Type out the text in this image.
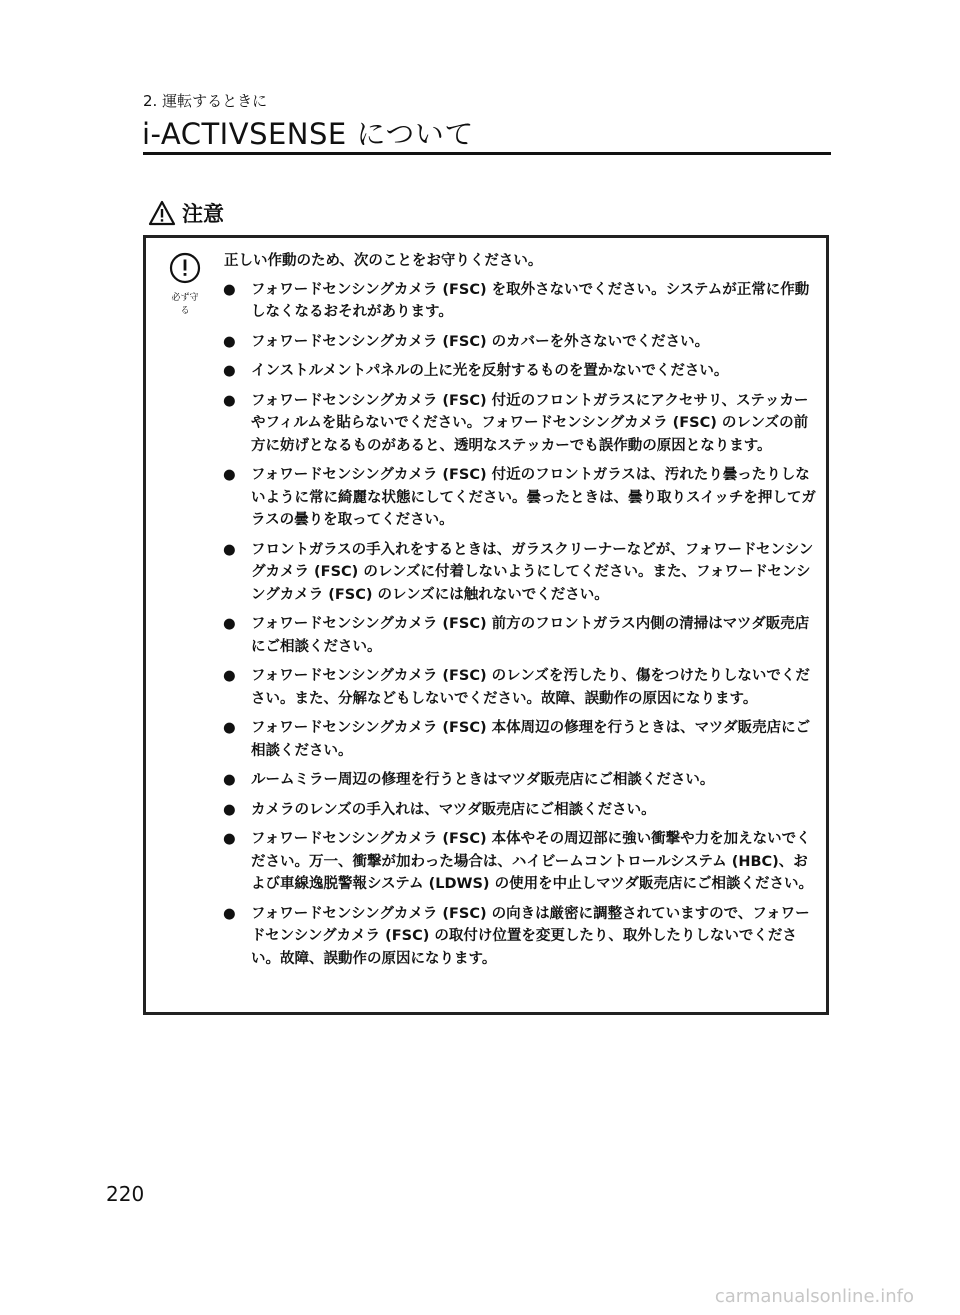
2. 運転するときに
i-ACTIVSENSE について
注意
必ず守る
正しい作動のため、次のことをお守りください。
● フォワードセンシングカメラ (FSC) を取外さないでください。システムが正常に作動しなくなるおそれがあります。
● フォワードセンシングカメラ (FSC) のカバーを外さないでください。
● インストルメントパネルの上に光を反射するものを置かないでください。
● フォワードセンシングカメラ (FSC) 付近のフロントガラスにアクセサリ、ステッカーやフィルムを貼らないでください。フォワードセンシングカメラ (FSC) のレンズの前方に妨げとなるものがあると、透明なステッカーでも誤作動の原因となります。
● フォワードセンシングカメラ (FSC) 付近のフロントガラスは、汚れたり曇ったりしないように常に綺麗な状態にしてください。曇ったときは、曇り取りスイッチを押してガラスの曇りを取ってください。
● フロントガラスの手入れをするときは、ガラスクリーナーなどが、フォワードセンシングカメラ (FSC) のレンズに付着しないようにしてください。また、フォワードセンシングカメラ (FSC) のレンズには触れないでください。
● フォワードセンシングカメラ (FSC) 前方のフロントガラス内側の清掃はマツダ販売店にご相談ください。
● フォワードセンシングカメラ (FSC) のレンズを汚したり、傷をつけたりしないでください。また、分解などもしないでください。故障、誤動作の原因になります。
● フォワードセンシングカメラ (FSC) 本体周辺の修理を行うときは、マツダ販売店にご相談ください。
● ルームミラー周辺の修理を行うときはマツダ販売店にご相談ください。
● カメラのレンズの手入れは、マツダ販売店にご相談ください。
● フォワードセンシングカメラ (FSC) 本体やその周辺部に強い衝撃や力を加えないでください。万一、衝撃が加わった場合は、ハイビームコントロールシステム (HBC)、および車線逸脱警報システム (LDWS) の使用を中止しマツダ販売店にご相談ください。
● フォワードセンシングカメラ (FSC) の向きは厳密に調整されていますので、フォワードセンシングカメラ (FSC) の取付け位置を変更したり、取外したりしないでください。故障、誤動作の原因になります。
220
carmanualsonline.info
